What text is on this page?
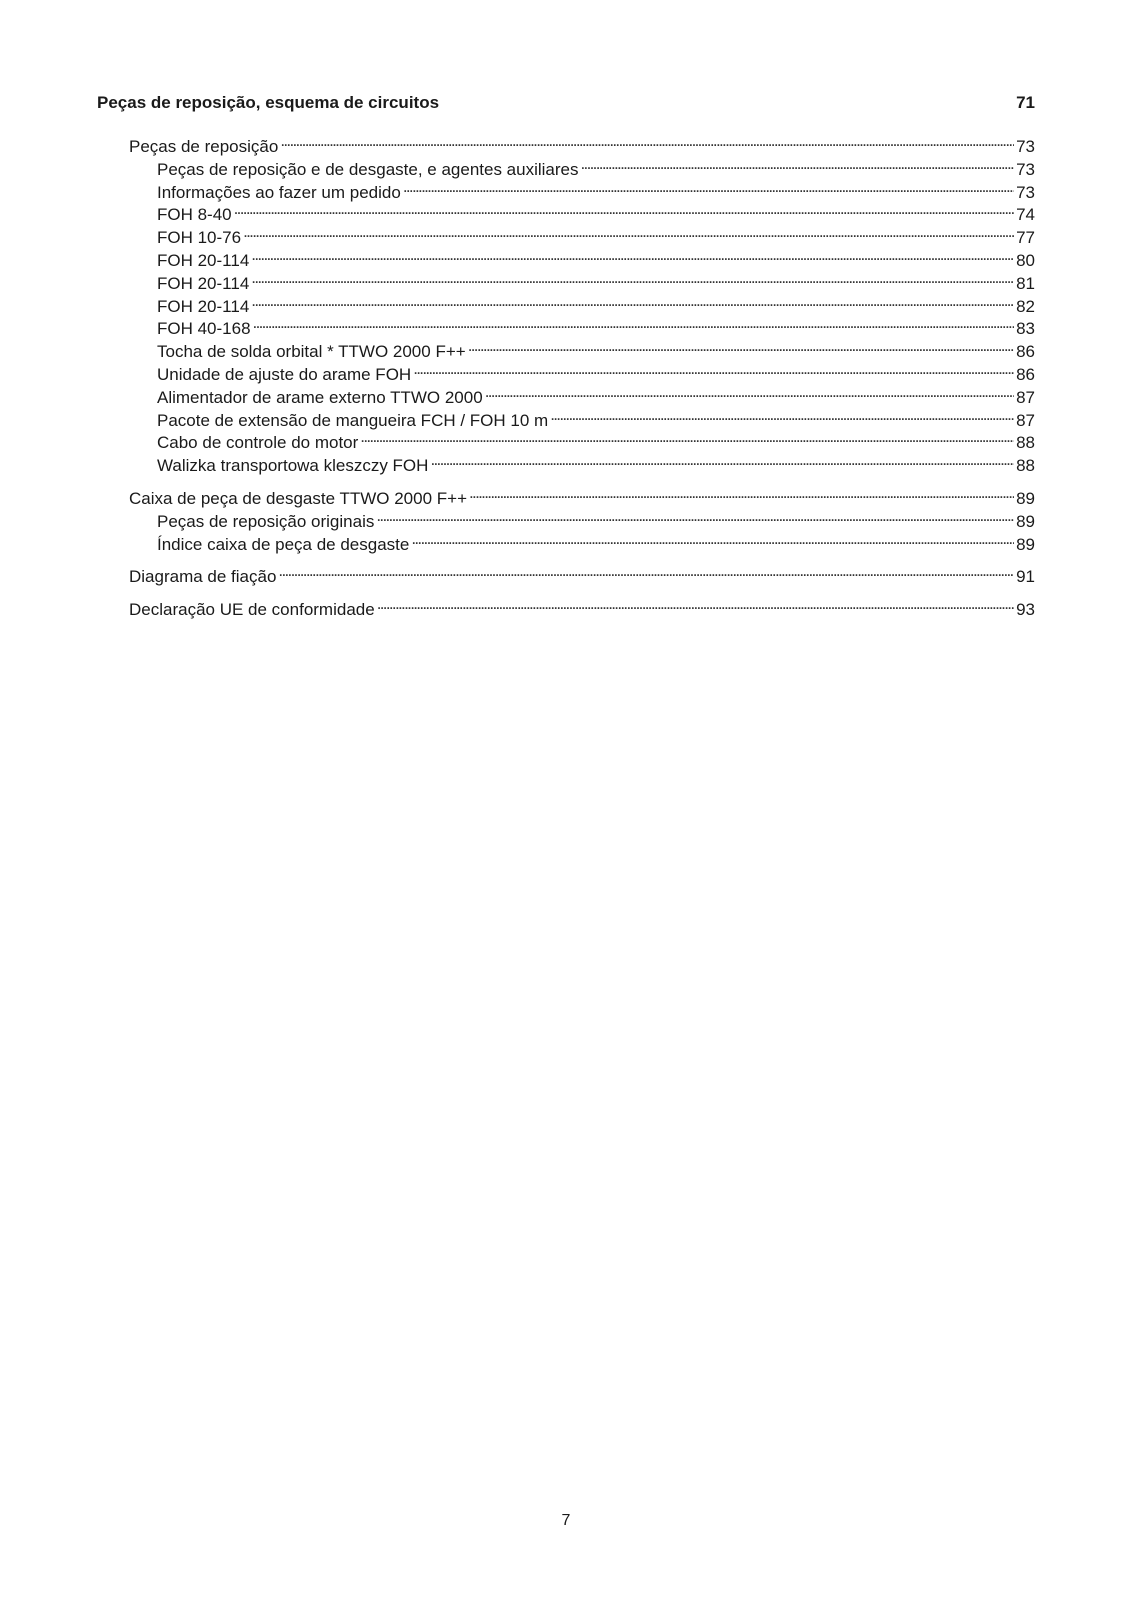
Peças de reposição, esquema de circuitos	71
Peças de reposição . . .	73
Peças de reposição e de desgaste, e agentes auxiliares . . .	73
Informações ao fazer um pedido . . .	73
FOH 8-40 . . .	74
FOH 10-76 . . .	77
FOH 20-114 . . .	80
FOH 20-114 . . .	81
FOH 20-114 . . .	82
FOH 40-168 . . .	83
Tocha de solda orbital * TTWO 2000 F++ . . .	86
Unidade de ajuste do arame FOH . . .	86
Alimentador de arame externo TTWO 2000 . . .	87
Pacote de extensão de mangueira FCH / FOH 10 m . . .	87
Cabo de controle do motor . . .	88
Walizka transportowa kleszczy FOH . . .	88
Caixa de peça de desgaste TTWO 2000 F++ . . .	89
Peças de reposição originais . . .	89
Índice caixa de peça de desgaste . . .	89
Diagrama de fiação . . .	91
Declaração UE de conformidade . . .	93
7
